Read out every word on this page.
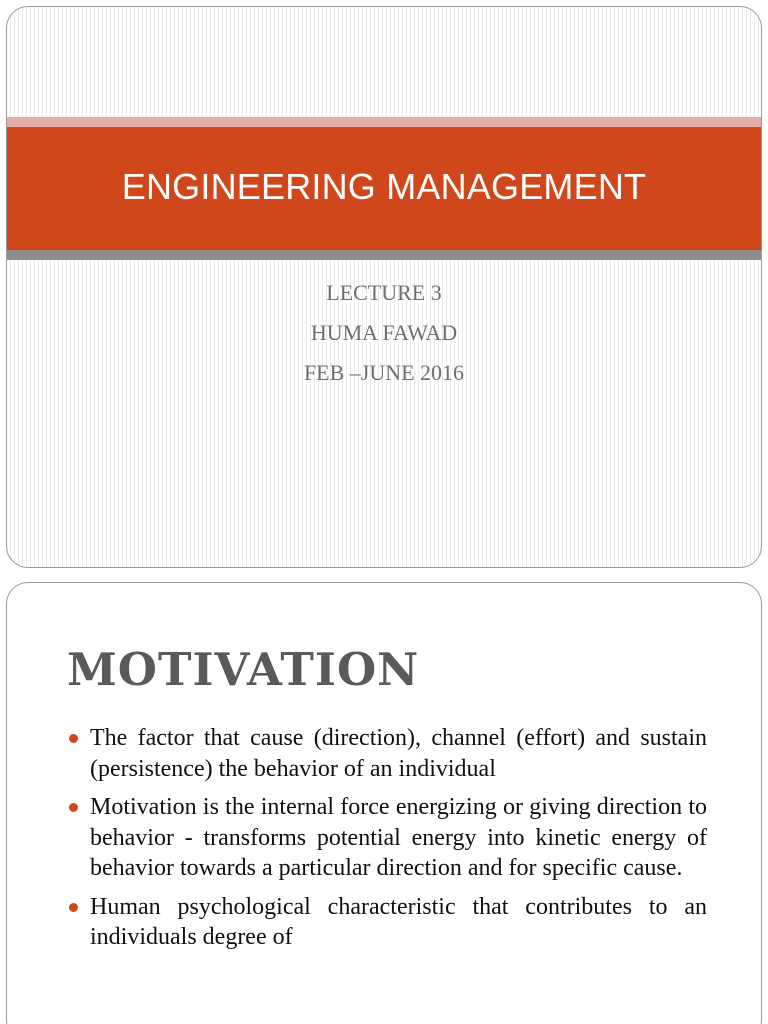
ENGINEERING MANAGEMENT
LECTURE 3
HUMA FAWAD
FEB –JUNE 2016
MOTIVATION
The factor that cause (direction), channel (effort) and sustain (persistence) the behavior of an individual
Motivation is the internal force energizing or giving direction to behavior - transforms potential energy into kinetic energy of behavior towards a particular direction and for specific cause.
Human psychological characteristic that contributes to an individuals degree of
